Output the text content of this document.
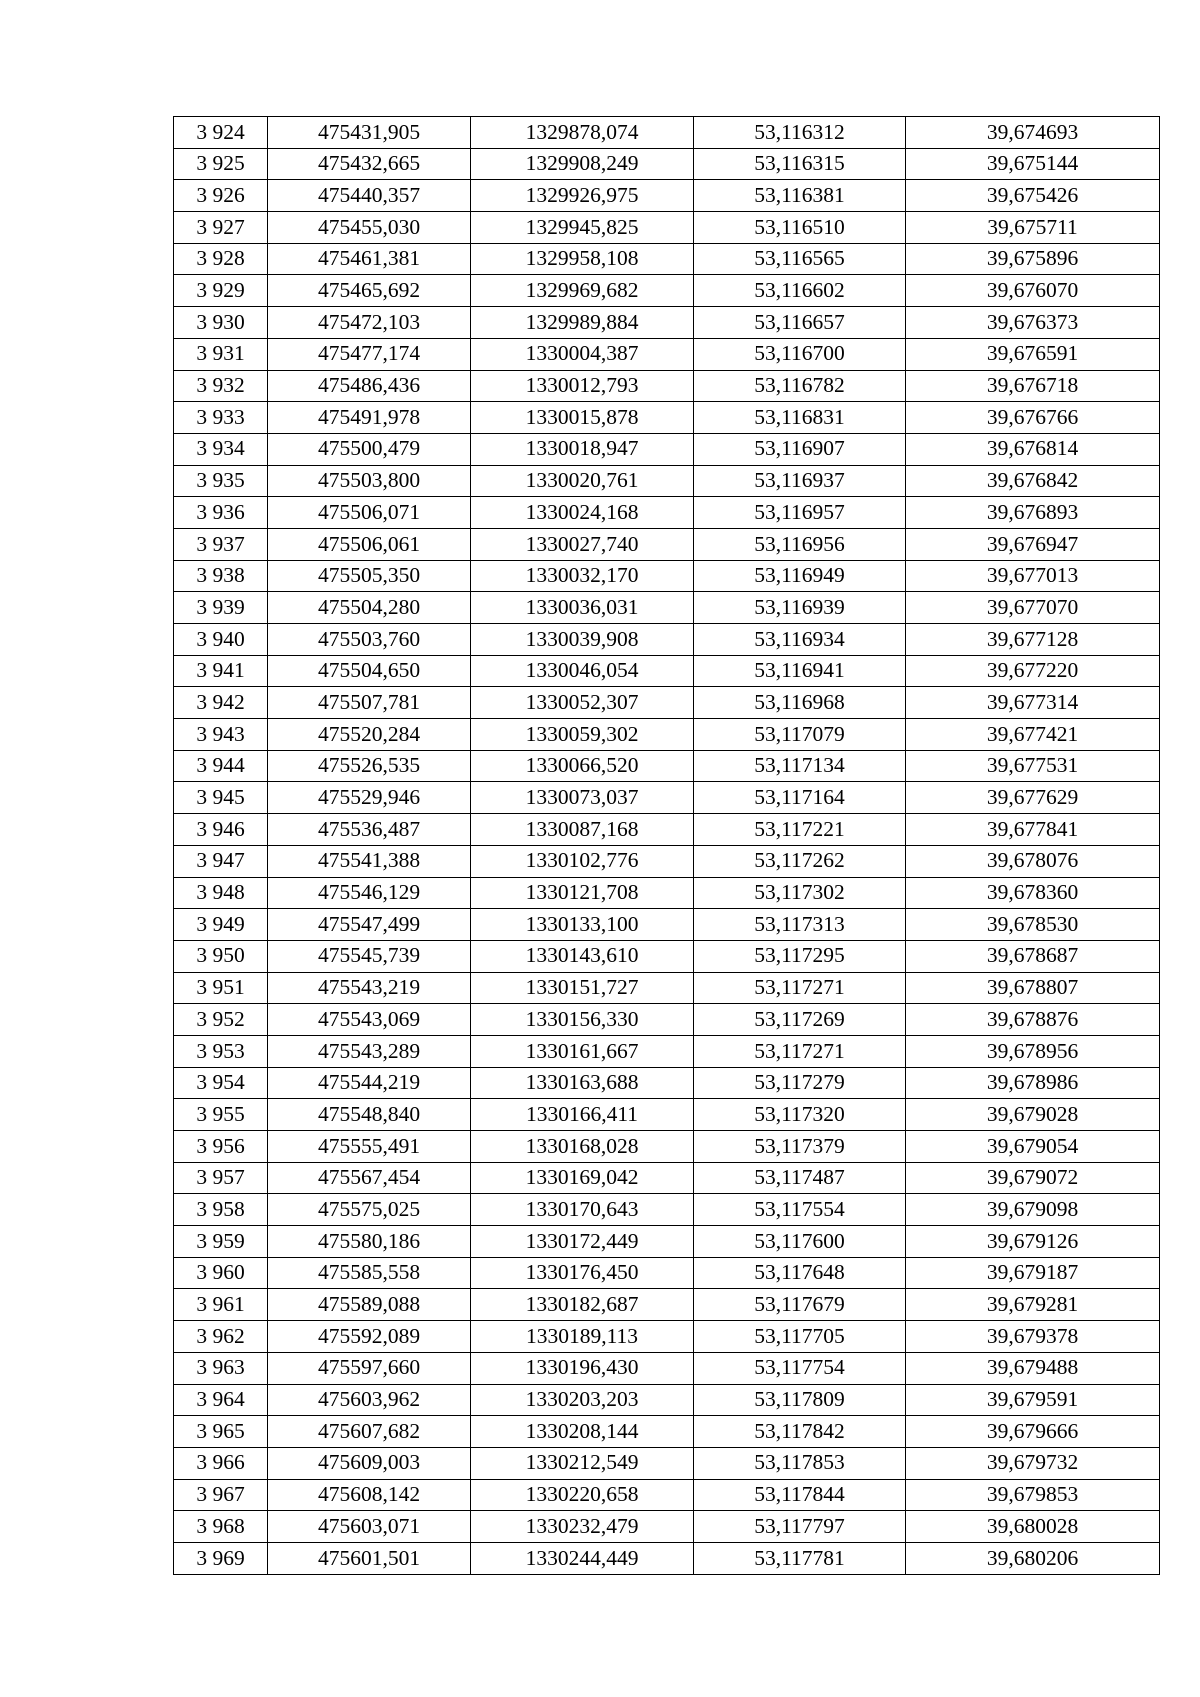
3 924	475431,905	1329878,074	53,116312	39,674693
3 925	475432,665	1329908,249	53,116315	39,675144
3 926	475440,357	1329926,975	53,116381	39,675426
3 927	475455,030	1329945,825	53,116510	39,675711
3 928	475461,381	1329958,108	53,116565	39,675896
3 929	475465,692	1329969,682	53,116602	39,676070
3 930	475472,103	1329989,884	53,116657	39,676373
3 931	475477,174	1330004,387	53,116700	39,676591
3 932	475486,436	1330012,793	53,116782	39,676718
3 933	475491,978	1330015,878	53,116831	39,676766
3 934	475500,479	1330018,947	53,116907	39,676814
3 935	475503,800	1330020,761	53,116937	39,676842
3 936	475506,071	1330024,168	53,116957	39,676893
3 937	475506,061	1330027,740	53,116956	39,676947
3 938	475505,350	1330032,170	53,116949	39,677013
3 939	475504,280	1330036,031	53,116939	39,677070
3 940	475503,760	1330039,908	53,116934	39,677128
3 941	475504,650	1330046,054	53,116941	39,677220
3 942	475507,781	1330052,307	53,116968	39,677314
3 943	475520,284	1330059,302	53,117079	39,677421
3 944	475526,535	1330066,520	53,117134	39,677531
3 945	475529,946	1330073,037	53,117164	39,677629
3 946	475536,487	1330087,168	53,117221	39,677841
3 947	475541,388	1330102,776	53,117262	39,678076
3 948	475546,129	1330121,708	53,117302	39,678360
3 949	475547,499	1330133,100	53,117313	39,678530
3 950	475545,739	1330143,610	53,117295	39,678687
3 951	475543,219	1330151,727	53,117271	39,678807
3 952	475543,069	1330156,330	53,117269	39,678876
3 953	475543,289	1330161,667	53,117271	39,678956
3 954	475544,219	1330163,688	53,117279	39,678986
3 955	475548,840	1330166,411	53,117320	39,679028
3 956	475555,491	1330168,028	53,117379	39,679054
3 957	475567,454	1330169,042	53,117487	39,679072
3 958	475575,025	1330170,643	53,117554	39,679098
3 959	475580,186	1330172,449	53,117600	39,679126
3 960	475585,558	1330176,450	53,117648	39,679187
3 961	475589,088	1330182,687	53,117679	39,679281
3 962	475592,089	1330189,113	53,117705	39,679378
3 963	475597,660	1330196,430	53,117754	39,679488
3 964	475603,962	1330203,203	53,117809	39,679591
3 965	475607,682	1330208,144	53,117842	39,679666
3 966	475609,003	1330212,549	53,117853	39,679732
3 967	475608,142	1330220,658	53,117844	39,679853
3 968	475603,071	1330232,479	53,117797	39,680028
3 969	475601,501	1330244,449	53,117781	39,680206
